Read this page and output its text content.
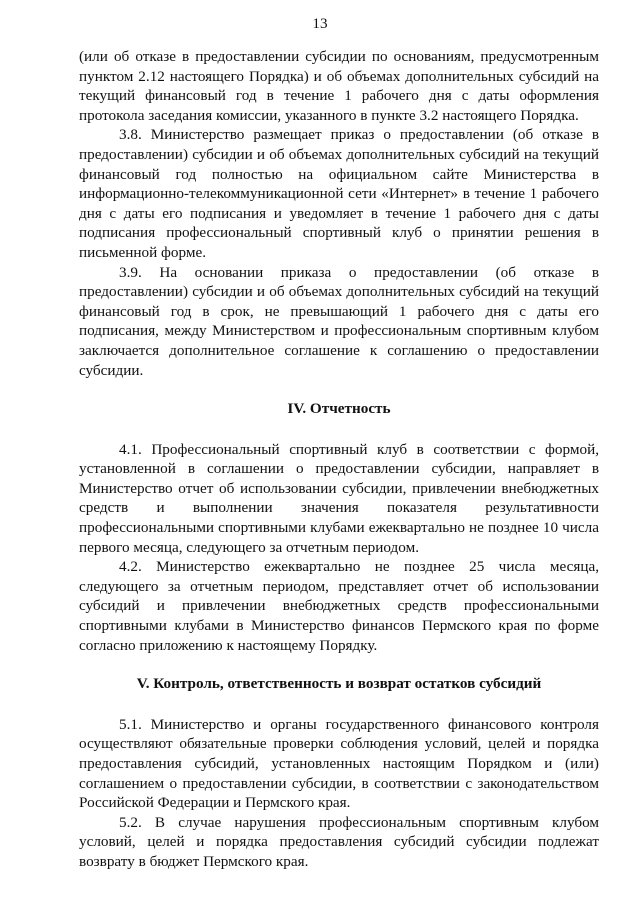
13

(или об отказе в предоставлении субсидии по основаниям, предусмотренным пунктом 2.12 настоящего Порядка) и об объемах дополнительных субсидий на текущий финансовый год в течение 1 рабочего дня с даты оформления протокола заседания комиссии, указанного в пункте 3.2 настоящего Порядка.

3.8. Министерство размещает приказ о предоставлении (об отказе в предоставлении) субсидии и об объемах дополнительных субсидий на текущий финансовый год полностью на официальном сайте Министерства в информационно-телекоммуникационной сети «Интернет» в течение 1 рабочего дня с даты его подписания и уведомляет в течение 1 рабочего дня с даты подписания профессиональный спортивный клуб о принятии решения в письменной форме.

3.9. На основании приказа о предоставлении (об отказе в предоставлении) субсидии и об объемах дополнительных субсидий на текущий финансовый год в срок, не превышающий 1 рабочего дня с даты его подписания, между Министерством и профессиональным спортивным клубом заключается дополнительное соглашение к соглашению о предоставлении субсидии.

IV. Отчетность

4.1. Профессиональный спортивный клуб в соответствии с формой, установленной в соглашении о предоставлении субсидии, направляет в Министерство отчет об использовании субсидии, привлечении внебюджетных средств и выполнении значения показателя результативности профессиональными спортивными клубами ежеквартально не позднее 10 числа первого месяца, следующего за отчетным периодом.

4.2. Министерство ежеквартально не позднее 25 числа месяца, следующего за отчетным периодом, представляет отчет об использовании субсидий и привлечении внебюджетных средств профессиональными спортивными клубами в Министерство финансов Пермского края по форме согласно приложению к настоящему Порядку.

V. Контроль, ответственность и возврат остатков субсидий

5.1. Министерство и органы государственного финансового контроля осуществляют обязательные проверки соблюдения условий, целей и порядка предоставления субсидий, установленных настоящим Порядком и (или) соглашением о предоставлении субсидии, в соответствии с законодательством Российской Федерации и Пермского края.

5.2. В случае нарушения профессиональным спортивным клубом условий, целей и порядка предоставления субсидий субсидии подлежат возврату в бюджет Пермского края.
